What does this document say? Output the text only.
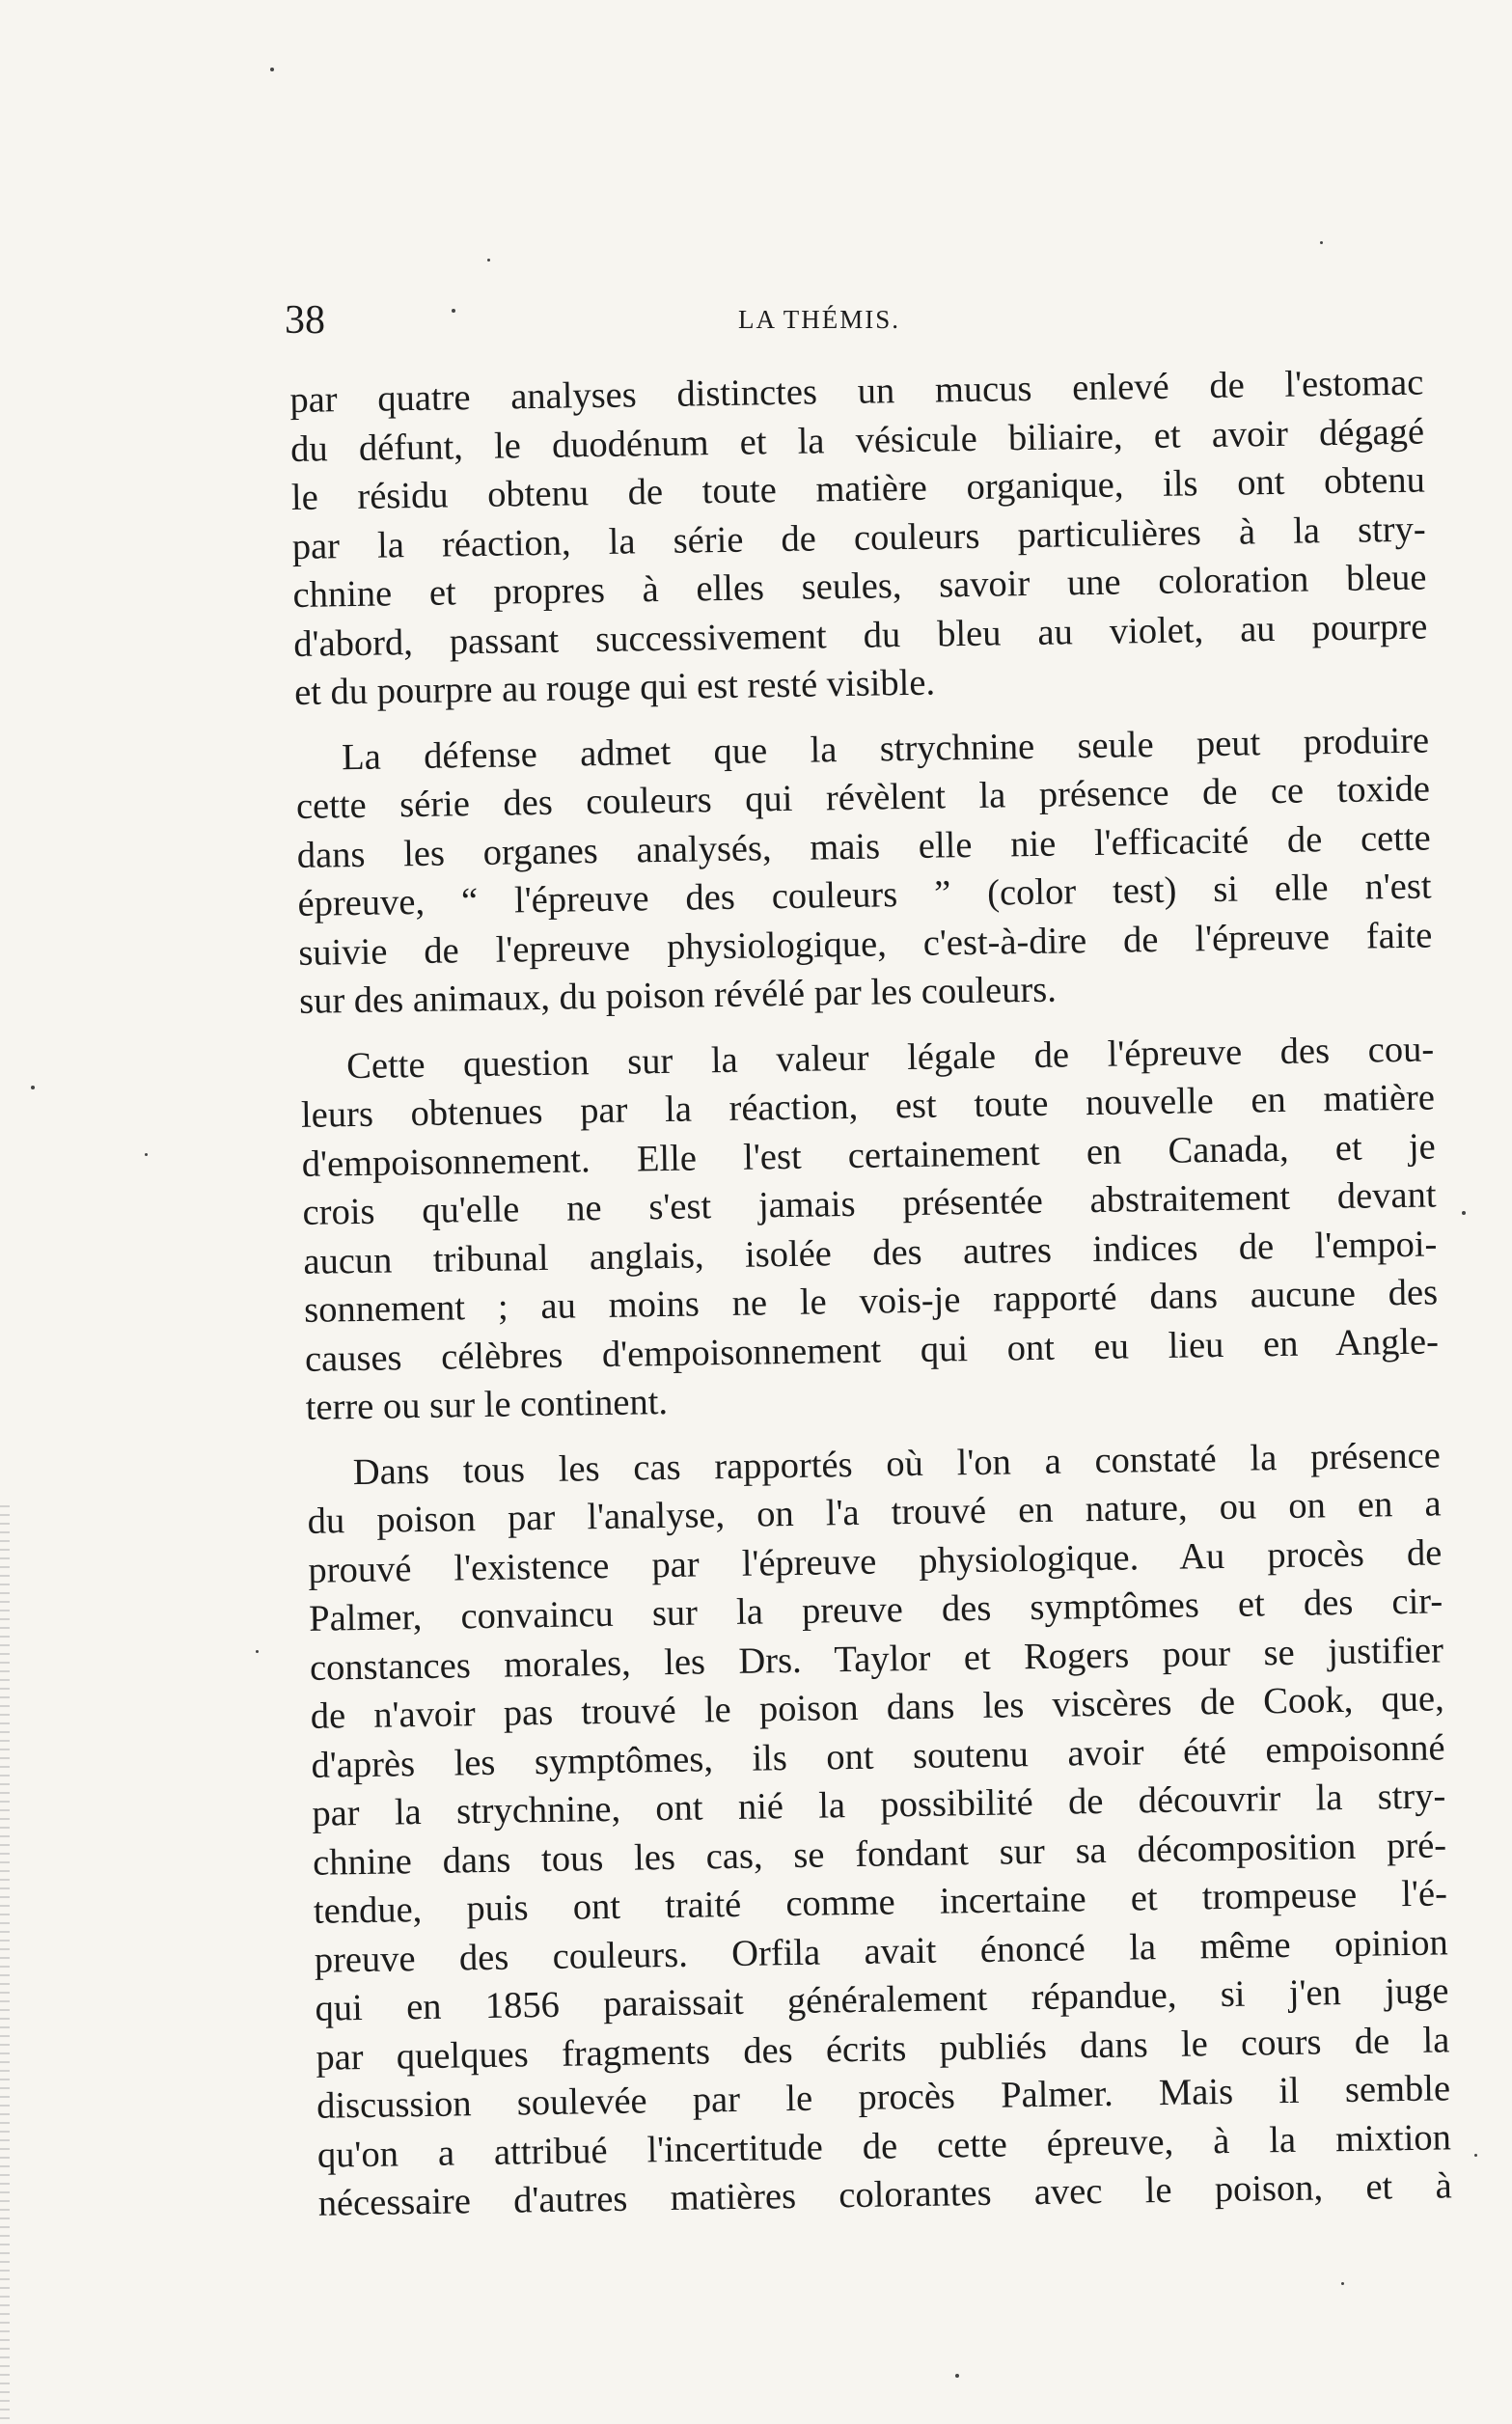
38	LA THÉMIS.

par quatre analyses distinctes un mucus enlevé de l'estomac
du défunt, le duodénum et la vésicule biliaire, et avoir dégagé
le résidu obtenu de toute matière organique, ils ont obtenu
par la réaction, la série de couleurs particulières à la stry-
chnine et propres à elles seules, savoir une coloration bleue
d'abord, passant successivement du bleu au violet, au pourpre
et du pourpre au rouge qui est resté visible.

La défense admet que la strychnine seule peut produire
cette série des couleurs qui révèlent la présence de ce toxide
dans les organes analysés, mais elle nie l'efficacité de cette
épreuve, “ l'épreuve des couleurs ” (color test) si elle n'est
suivie de l'epreuve physiologique, c'est-à-dire de l'épreuve faite
sur des animaux, du poison révélé par les couleurs.

Cette question sur la valeur légale de l'épreuve des cou-
leurs obtenues par la réaction, est toute nouvelle en matière
d'empoisonnement. Elle l'est certainement en Canada, et je
crois qu'elle ne s'est jamais présentée abstraitement devant
aucun tribunal anglais, isolée des autres indices de l'empoi-
sonnement ; au moins ne le vois-je rapporté dans aucune des
causes célèbres d'empoisonnement qui ont eu lieu en Angle-
terre ou sur le continent.

Dans tous les cas rapportés où l'on a constaté la présence
du poison par l'analyse, on l'a trouvé en nature, ou on en a
prouvé l'existence par l'épreuve physiologique. Au procès de
Palmer, convaincu sur la preuve des symptômes et des cir-
constances morales, les Drs. Taylor et Rogers pour se justifier
de n'avoir pas trouvé le poison dans les viscères de Cook, que,
d'après les symptômes, ils ont soutenu avoir été empoisonné
par la strychnine, ont nié la possibilité de découvrir la stry-
chnine dans tous les cas, se fondant sur sa décomposition pré-
tendue, puis ont traité comme incertaine et trompeuse l'é-
preuve des couleurs. Orfila avait énoncé la même opinion
qui en 1856 paraissait généralement répandue, si j'en juge
par quelques fragments des écrits publiés dans le cours de la
discussion soulevée par le procès Palmer. Mais il semble
qu'on a attribué l'incertitude de cette épreuve, à la mixtion
nécessaire d'autres matières colorantes avec le poison, et à
